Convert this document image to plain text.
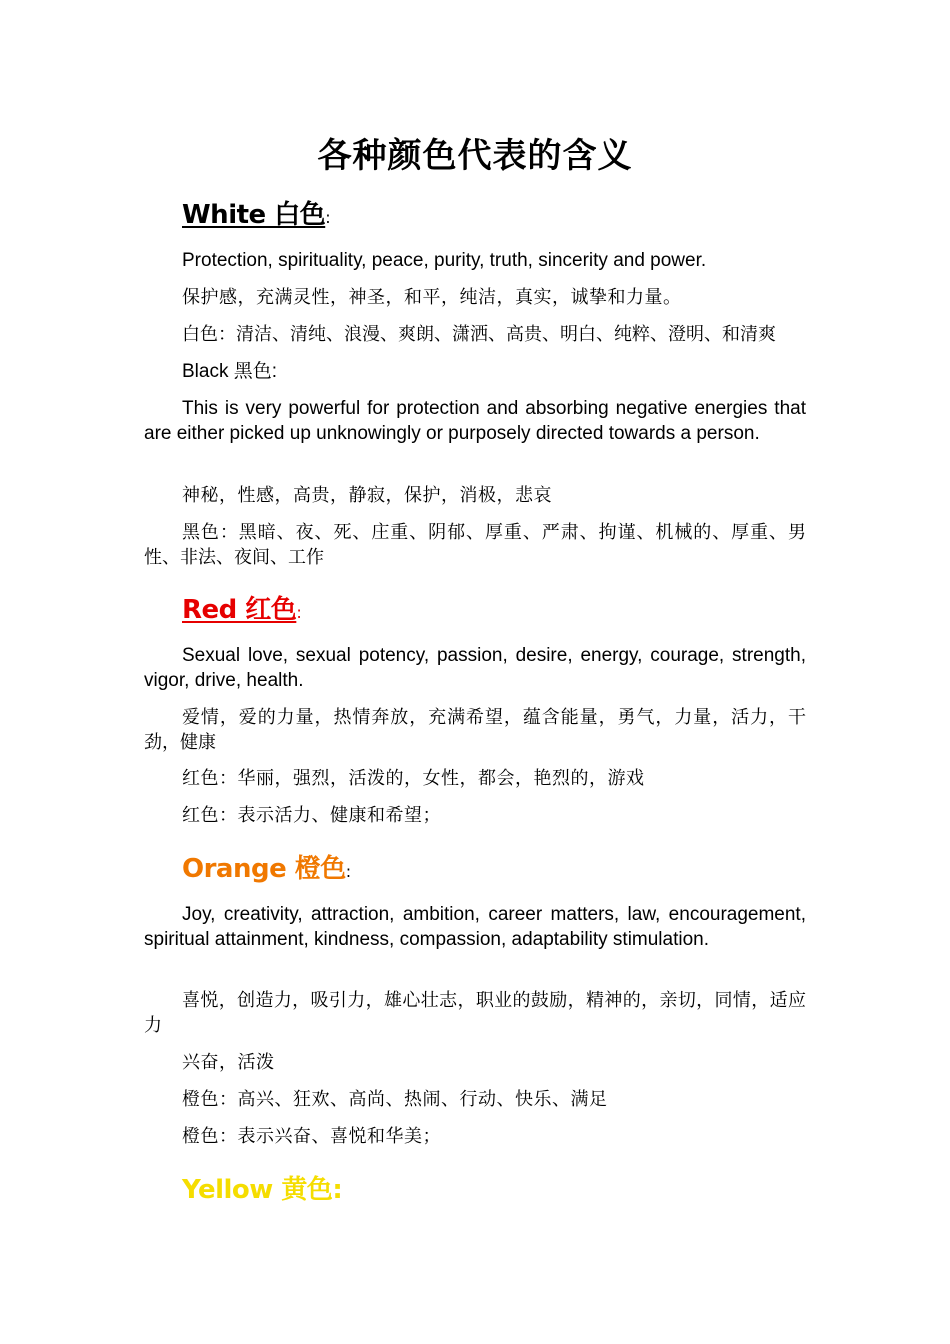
各种颜色代表的含义
White 白色:
Protection, spirituality, peace, purity, truth, sincerity and power.
保护感，充满灵性，神圣，和平，纯洁，真实，诚挚和力量。
白色：清洁、清纯、浪漫、爽朗、潇洒、高贵、明白、纯粹、澄明、和清爽
Black 黑色:
This is very powerful for protection and absorbing negative energies that are either picked up unknowingly or purposely directed towards a person.
神秘，性感，高贵，静寂，保护，消极，悲哀
黑色：黑暗、夜、死、庄重、阴郁、厚重、严肃、拘谨、机械的、厚重、男性、非法、夜间、工作
Red 红色:
Sexual love, sexual potency, passion, desire, energy, courage, strength, vigor, drive, health.
爱情，爱的力量，热情奔放，充满希望，蕴含能量，勇气，力量，活力，干劲，健康
红色：华丽，强烈，活泼的，女性，都会，艳烈的，游戏
红色：表示活力、健康和希望；
Orange 橙色:
Joy, creativity, attraction, ambition, career matters, law, encouragement, spiritual attainment, kindness, compassion, adaptability stimulation.
喜悦，创造力，吸引力，雄心壮志，职业的鼓励，精神的，亲切，同情，适应力
兴奋，活泼
橙色：高兴、狂欢、高尚、热闹、行动、快乐、满足
橙色：表示兴奋、喜悦和华美；
Yellow 黄色:
